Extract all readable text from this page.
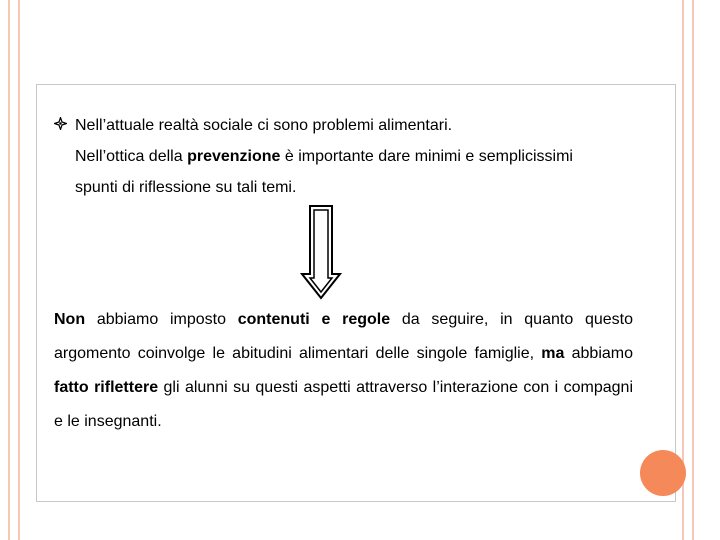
Nell’attuale realtà sociale ci sono problemi alimentari.
Nell’ottica della prevenzione è importante dare minimi e semplicissimi
spunti di riflessione su tali temi.
Non abbiamo imposto contenuti e regole da seguire, in quanto questo argomento coinvolge le abitudini alimentari delle singole famiglie, ma abbiamo fatto riflettere gli alunni su questi aspetti attraverso l’interazione con i compagni e le insegnanti.
